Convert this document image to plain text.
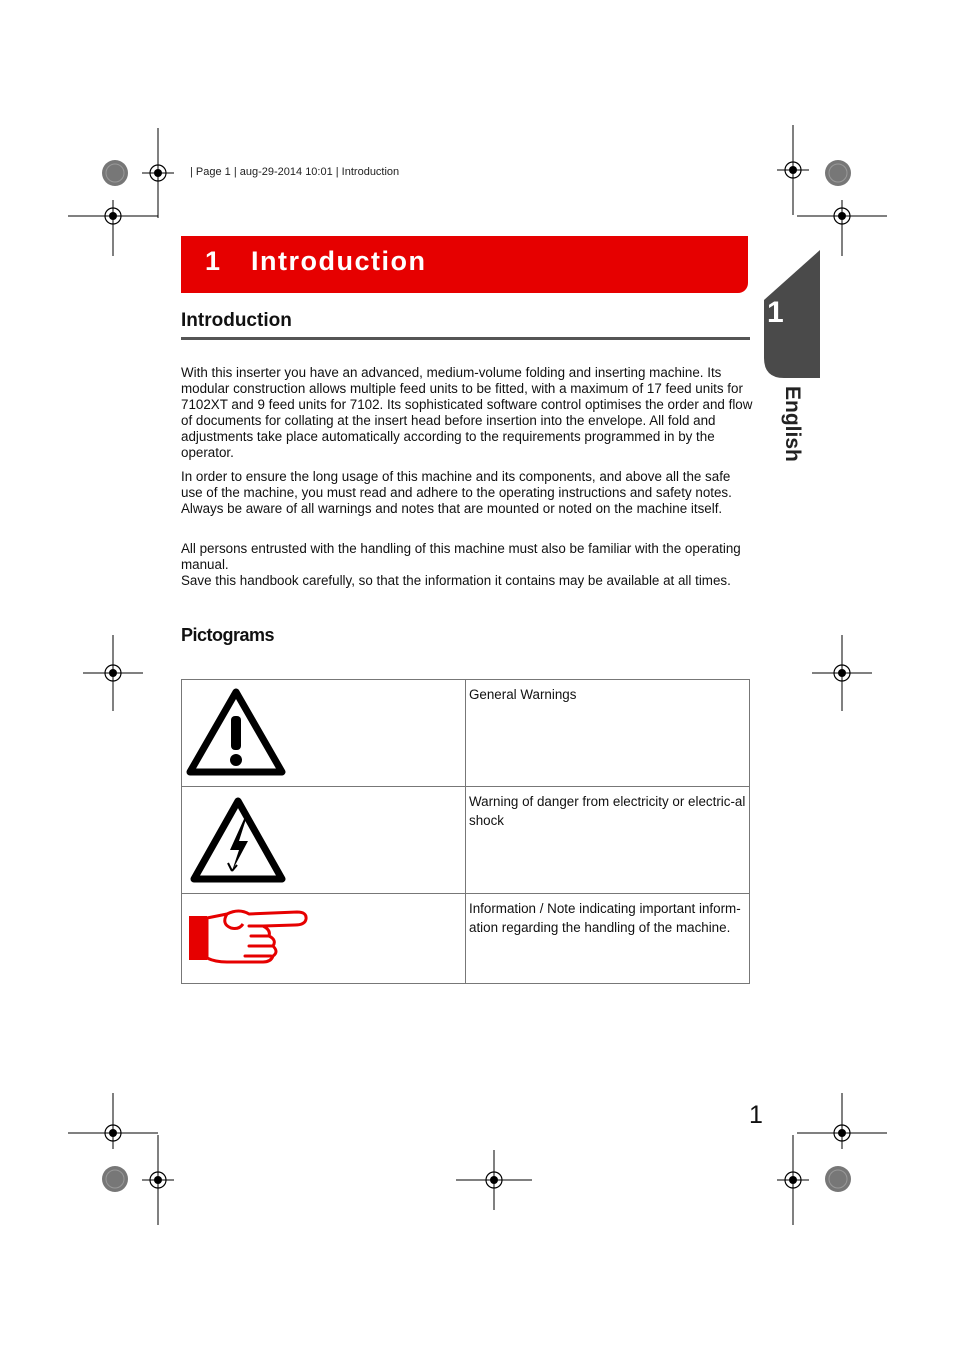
| Page 1 | aug-29-2014 10:01 | Introduction
1 Introduction
1
English
Introduction
With this inserter you have an advanced, medium-volume folding and inserting machine. Its modular construction allows multiple feed units to be fitted, with a maximum of 17 feed units for 7102XT and 9 feed units for 7102. Its sophisticated software control optimises the order and flow of documents for collating at the insert head before insertion into the envelope. All fold and adjustments take place automatically according to the requirements programmed in by the operator.
In order to ensure the long usage of this machine and its components, and above all the safe use of the machine, you must read and adhere to the operating instructions and safety notes. Always be aware of all warnings and notes that are mounted or noted on the machine itself.
All persons entrusted with the handling of this machine must also be familiar with the operating manual.
Save this handbook carefully, so that the information it contains may be available at all times.
Pictograms
	General Warnings

	Warning of danger from electricity or electric-al shock

	Information / Note indicating important inform-ation regarding the handling of the machine.
1
